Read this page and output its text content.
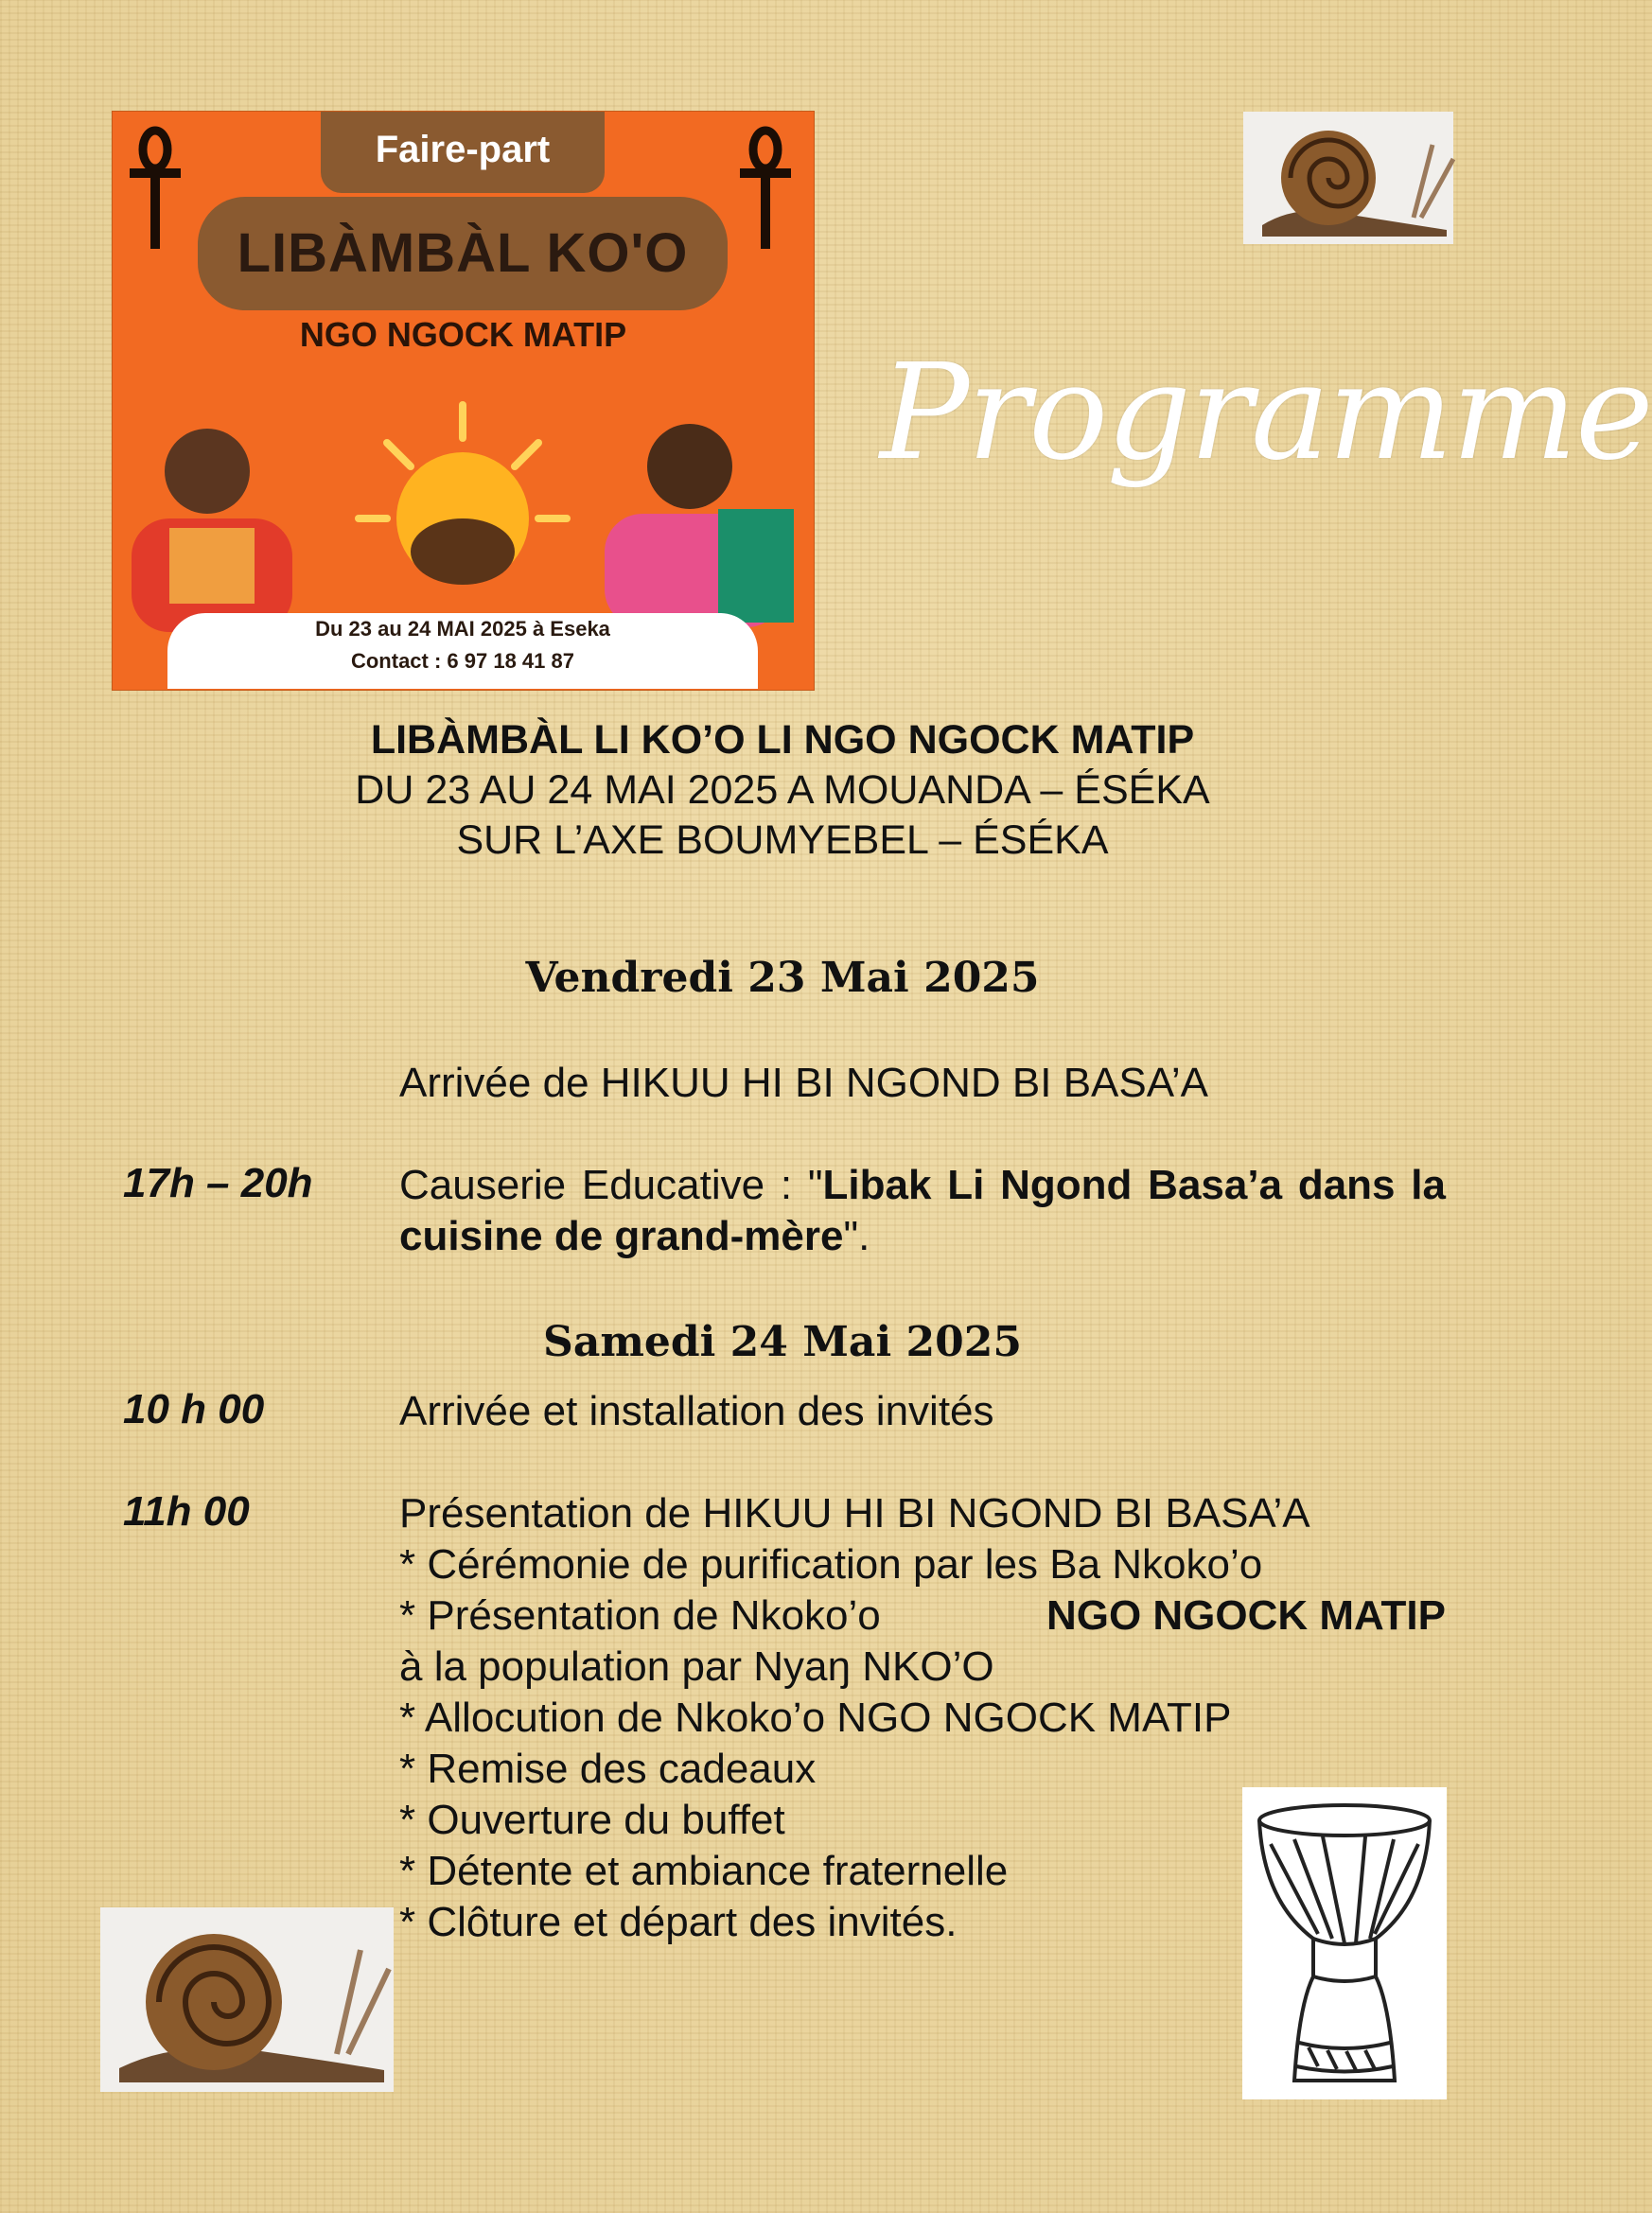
Faire-part
LIBÀMBÀL KO'O
NGO NGOCK MATIP
Du 23 au 24 MAI 2025 à Eseka
Contact : 6 97 18 41 87
Programme
LIBÀMBÀL LI KO’O LI NGO NGOCK MATIP
DU 23 AU 24 MAI 2025 A MOUANDA – ÉSÉKA
SUR L’AXE BOUMYEBEL – ÉSÉKA
Vendredi 23 Mai 2025
Arrivée de HIKUU HI BI NGOND BI BASA’A
17h – 20h Causerie Educative : "Libak Li Ngond Basa’a dans la cuisine de grand-mère".
Samedi 24 Mai 2025
10 h 00	Arrivée et installation des invités
11h 00	Présentation de HIKUU HI BI NGOND BI BASA’A
* Cérémonie de purification par les Ba Nkoko’o
* Présentation de Nkoko’o	NGO NGOCK MATIP
à la population par Nyaŋ NKO’O
* Allocution de Nkoko’o NGO NGOCK MATIP
* Remise des cadeaux
* Ouverture du buffet
* Détente et ambiance fraternelle
* Clôture et départ des invités.
